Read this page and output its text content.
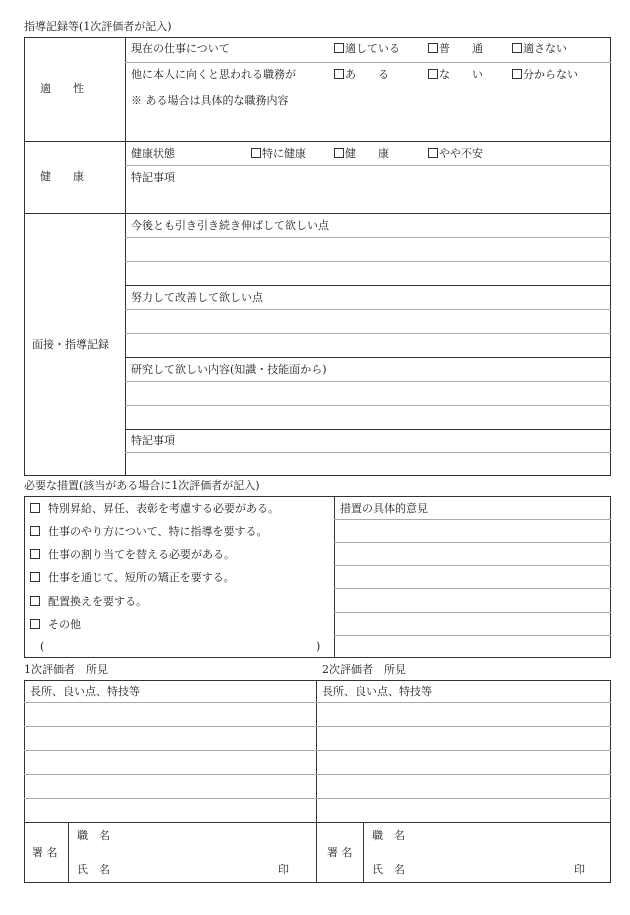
指導記録等(1次評価者が記入)
適　　性
現在の仕事について	適している	普　　通	適さない
他に本人に向くと思われる職務が	あ　　る	な　　い	分からない
※ ある場合は具体的な職務内容
健　　康
健康状態	特に健康	健　　康	やや不安
特記事項
面接・指導記録
今後とも引き引き続き伸ばして欲しい点
努力して改善して欲しい点
研究して欲しい内容(知識・技能面から)
特記事項
必要な措置(該当がある場合に1次評価者が記入)
特別昇給、昇任、表彰を考慮する必要がある。
仕事のやり方について、特に指導を要する。
仕事の割り当てを替える必要がある。
仕事を通じて、短所の矯正を要する。
配置換えを要する。
その他
(	)
措置の具体的意見
1次評価者　所見	2次評価者　所見
長所、良い点、特技等
署 名
職　名
氏　名	印
長所、良い点、特技等
署 名
職　名
氏　名	印
